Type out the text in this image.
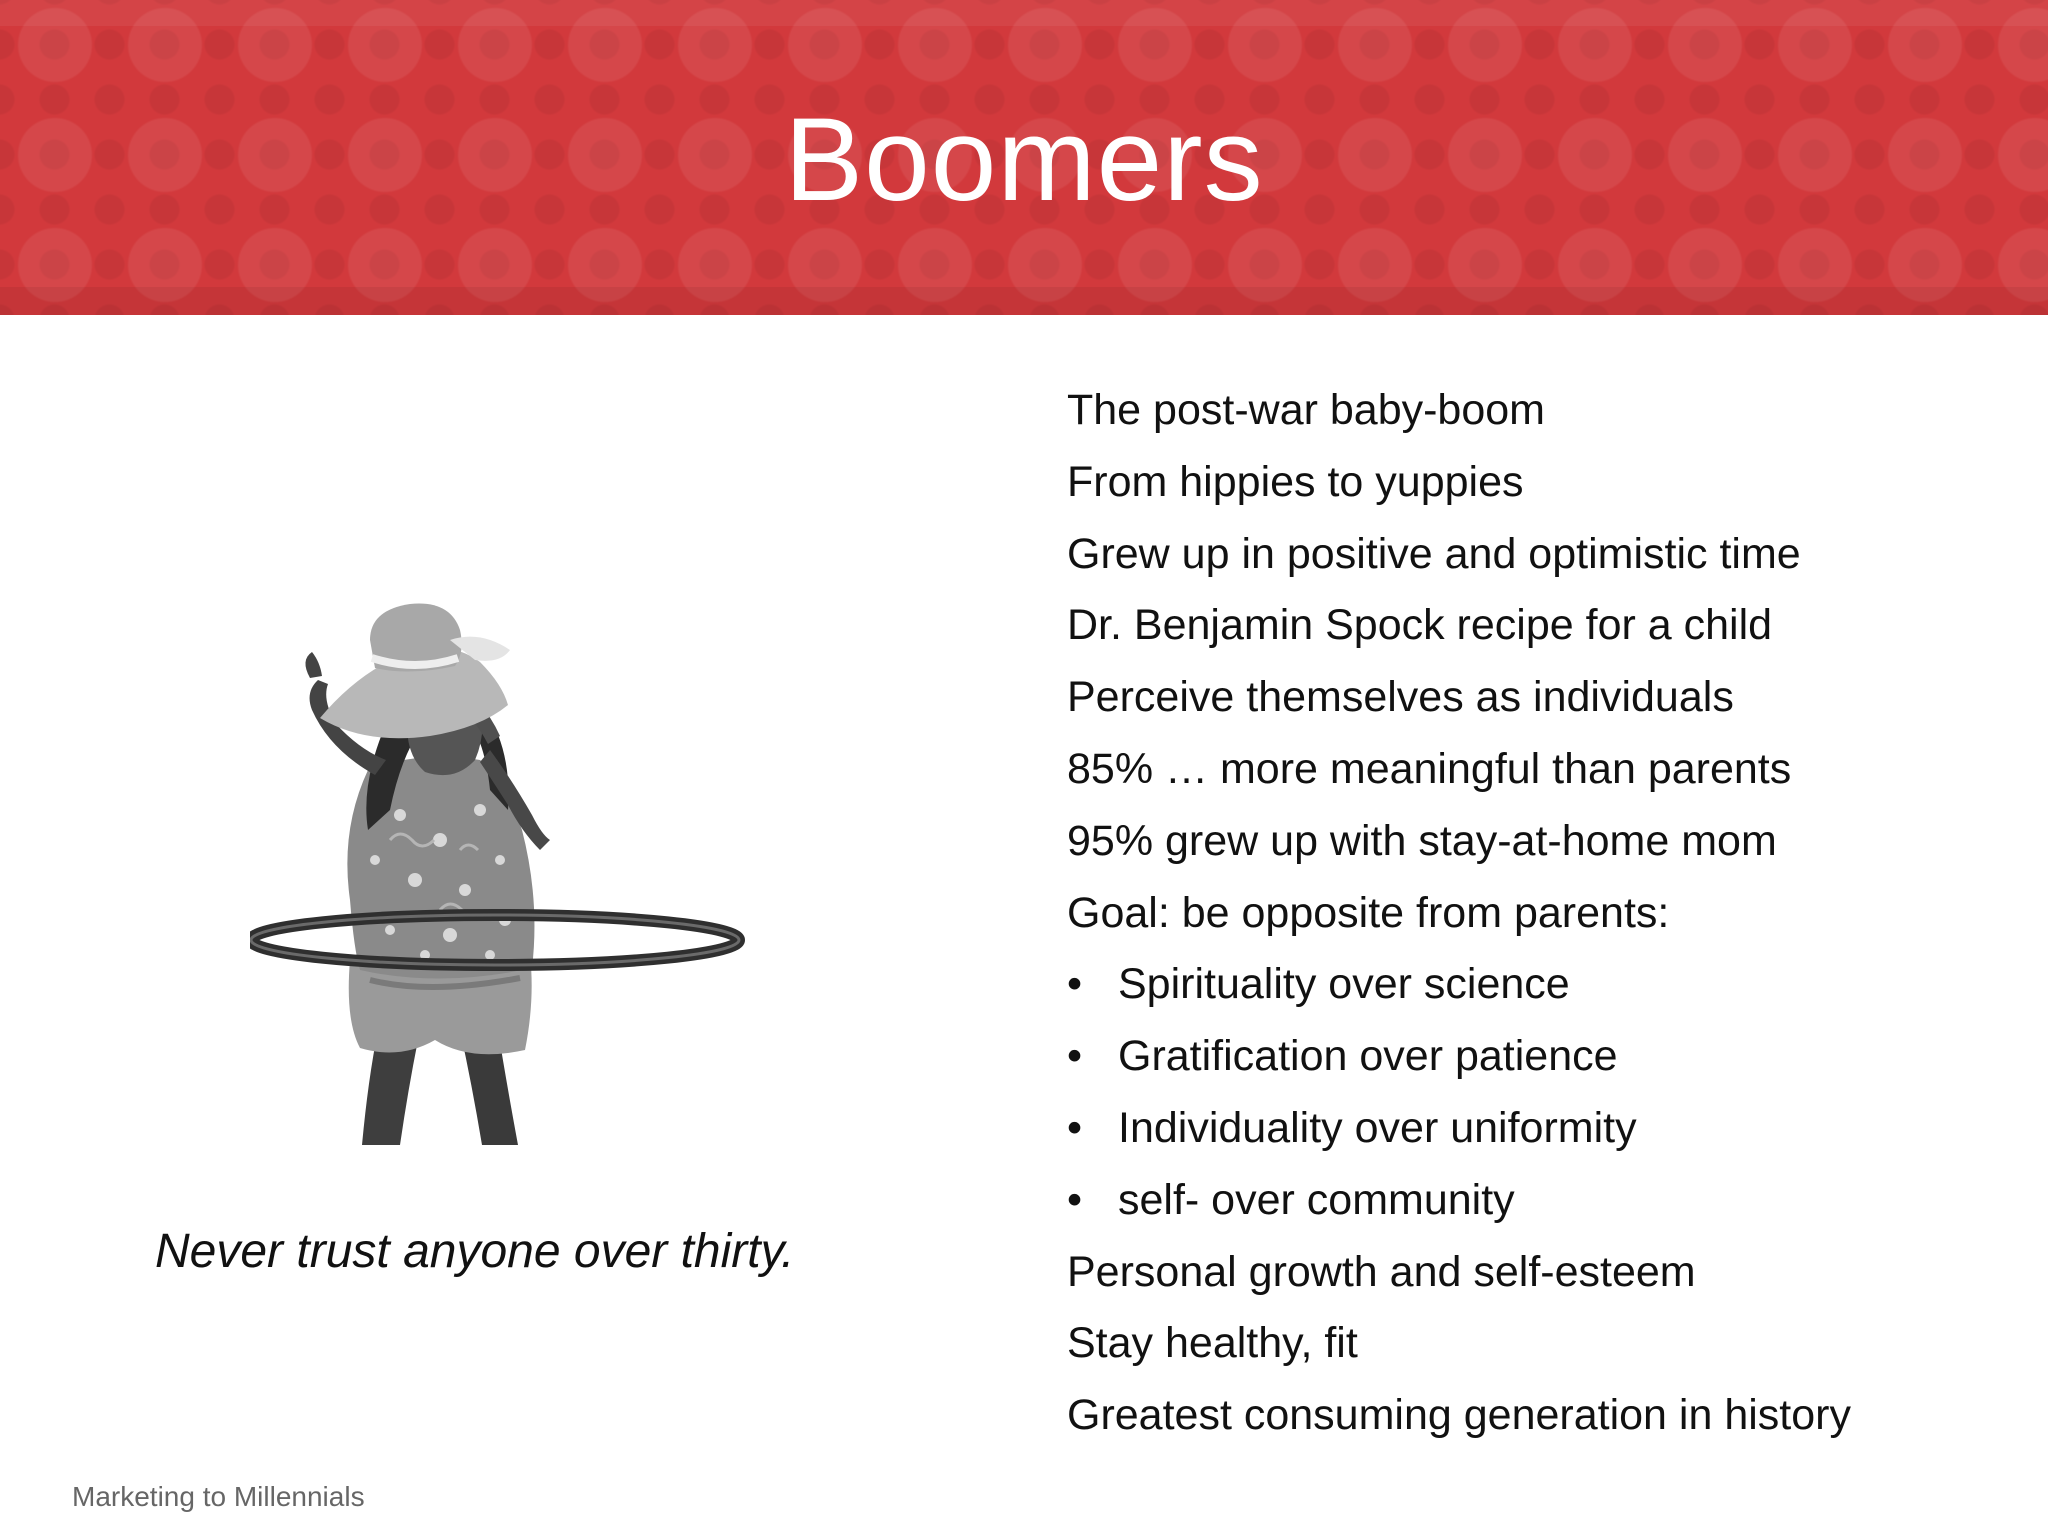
Boomers

Never trust anyone over thirty.

The post-war baby-boom
From hippies to yuppies
Grew up in positive and optimistic time
Dr. Benjamin Spock recipe for a child
Perceive themselves as individuals
85% … more meaningful than parents
95% grew up with stay-at-home mom
Goal: be opposite from parents:
• Spirituality over science
• Gratification over patience
• Individuality over uniformity
• self- over community
Personal growth and self-esteem
Stay healthy, fit
Greatest consuming generation in history
Marketing to Millennials
